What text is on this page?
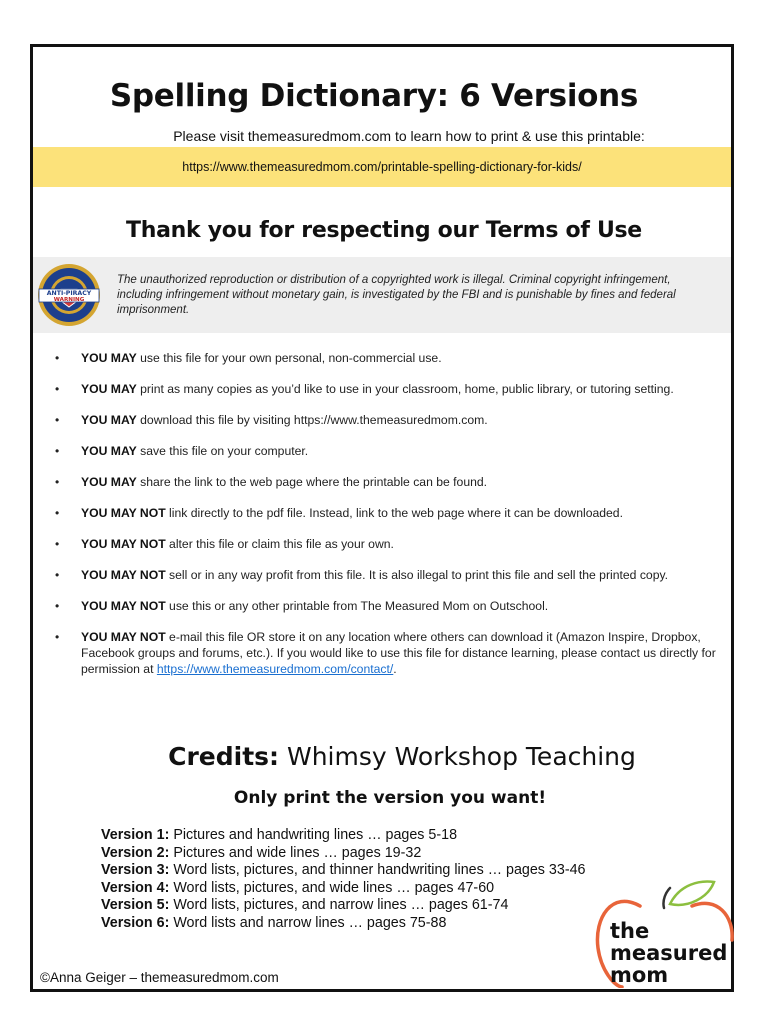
Spelling Dictionary: 6 Versions
Please visit themeasuredmom.com to learn how to print & use this printable:
https://www.themeasuredmom.com/printable-spelling-dictionary-for-kids/
Thank you for respecting our Terms of Use
ANTI-PIRACY
WARNING
The unauthorized reproduction or distribution of a copyrighted work is illegal. Criminal copyright infringement, including infringement without monetary gain, is investigated by the FBI and is punishable by fines and federal imprisonment.
• YOU MAY use this file for your own personal, non-commercial use.
• YOU MAY print as many copies as you’d like to use in your classroom, home, public library, or tutoring setting.
• YOU MAY download this file by visiting https://www.themeasuredmom.com.
• YOU MAY save this file on your computer.
• YOU MAY share the link to the web page where the printable can be found.
• YOU MAY NOT link directly to the pdf file. Instead, link to the web page where it can be downloaded.
• YOU MAY NOT alter this file or claim this file as your own.
• YOU MAY NOT sell or in any way profit from this file. It is also illegal to print this file and sell the printed copy.
• YOU MAY NOT use this or any other printable from The Measured Mom on Outschool.
• YOU MAY NOT e-mail this file OR store it on any location where others can download it (Amazon Inspire, Dropbox, Facebook groups and forums, etc.). If you would like to use this file for distance learning, please contact us directly for permission at https://www.themeasuredmom.com/contact/.
Credits: Whimsy Workshop Teaching
Only print the version you want!
Version 1: Pictures and handwriting lines … pages 5-18
Version 2: Pictures and wide lines … pages 19-32
Version 3: Word lists, pictures, and thinner handwriting lines … pages 33-46
Version 4: Word lists, pictures, and wide lines … pages 47-60
Version 5: Word lists, pictures, and narrow lines … pages 61-74
Version 6: Word lists and narrow lines … pages 75-88
©Anna Geiger – themeasuredmom.com
the
measured
mom
